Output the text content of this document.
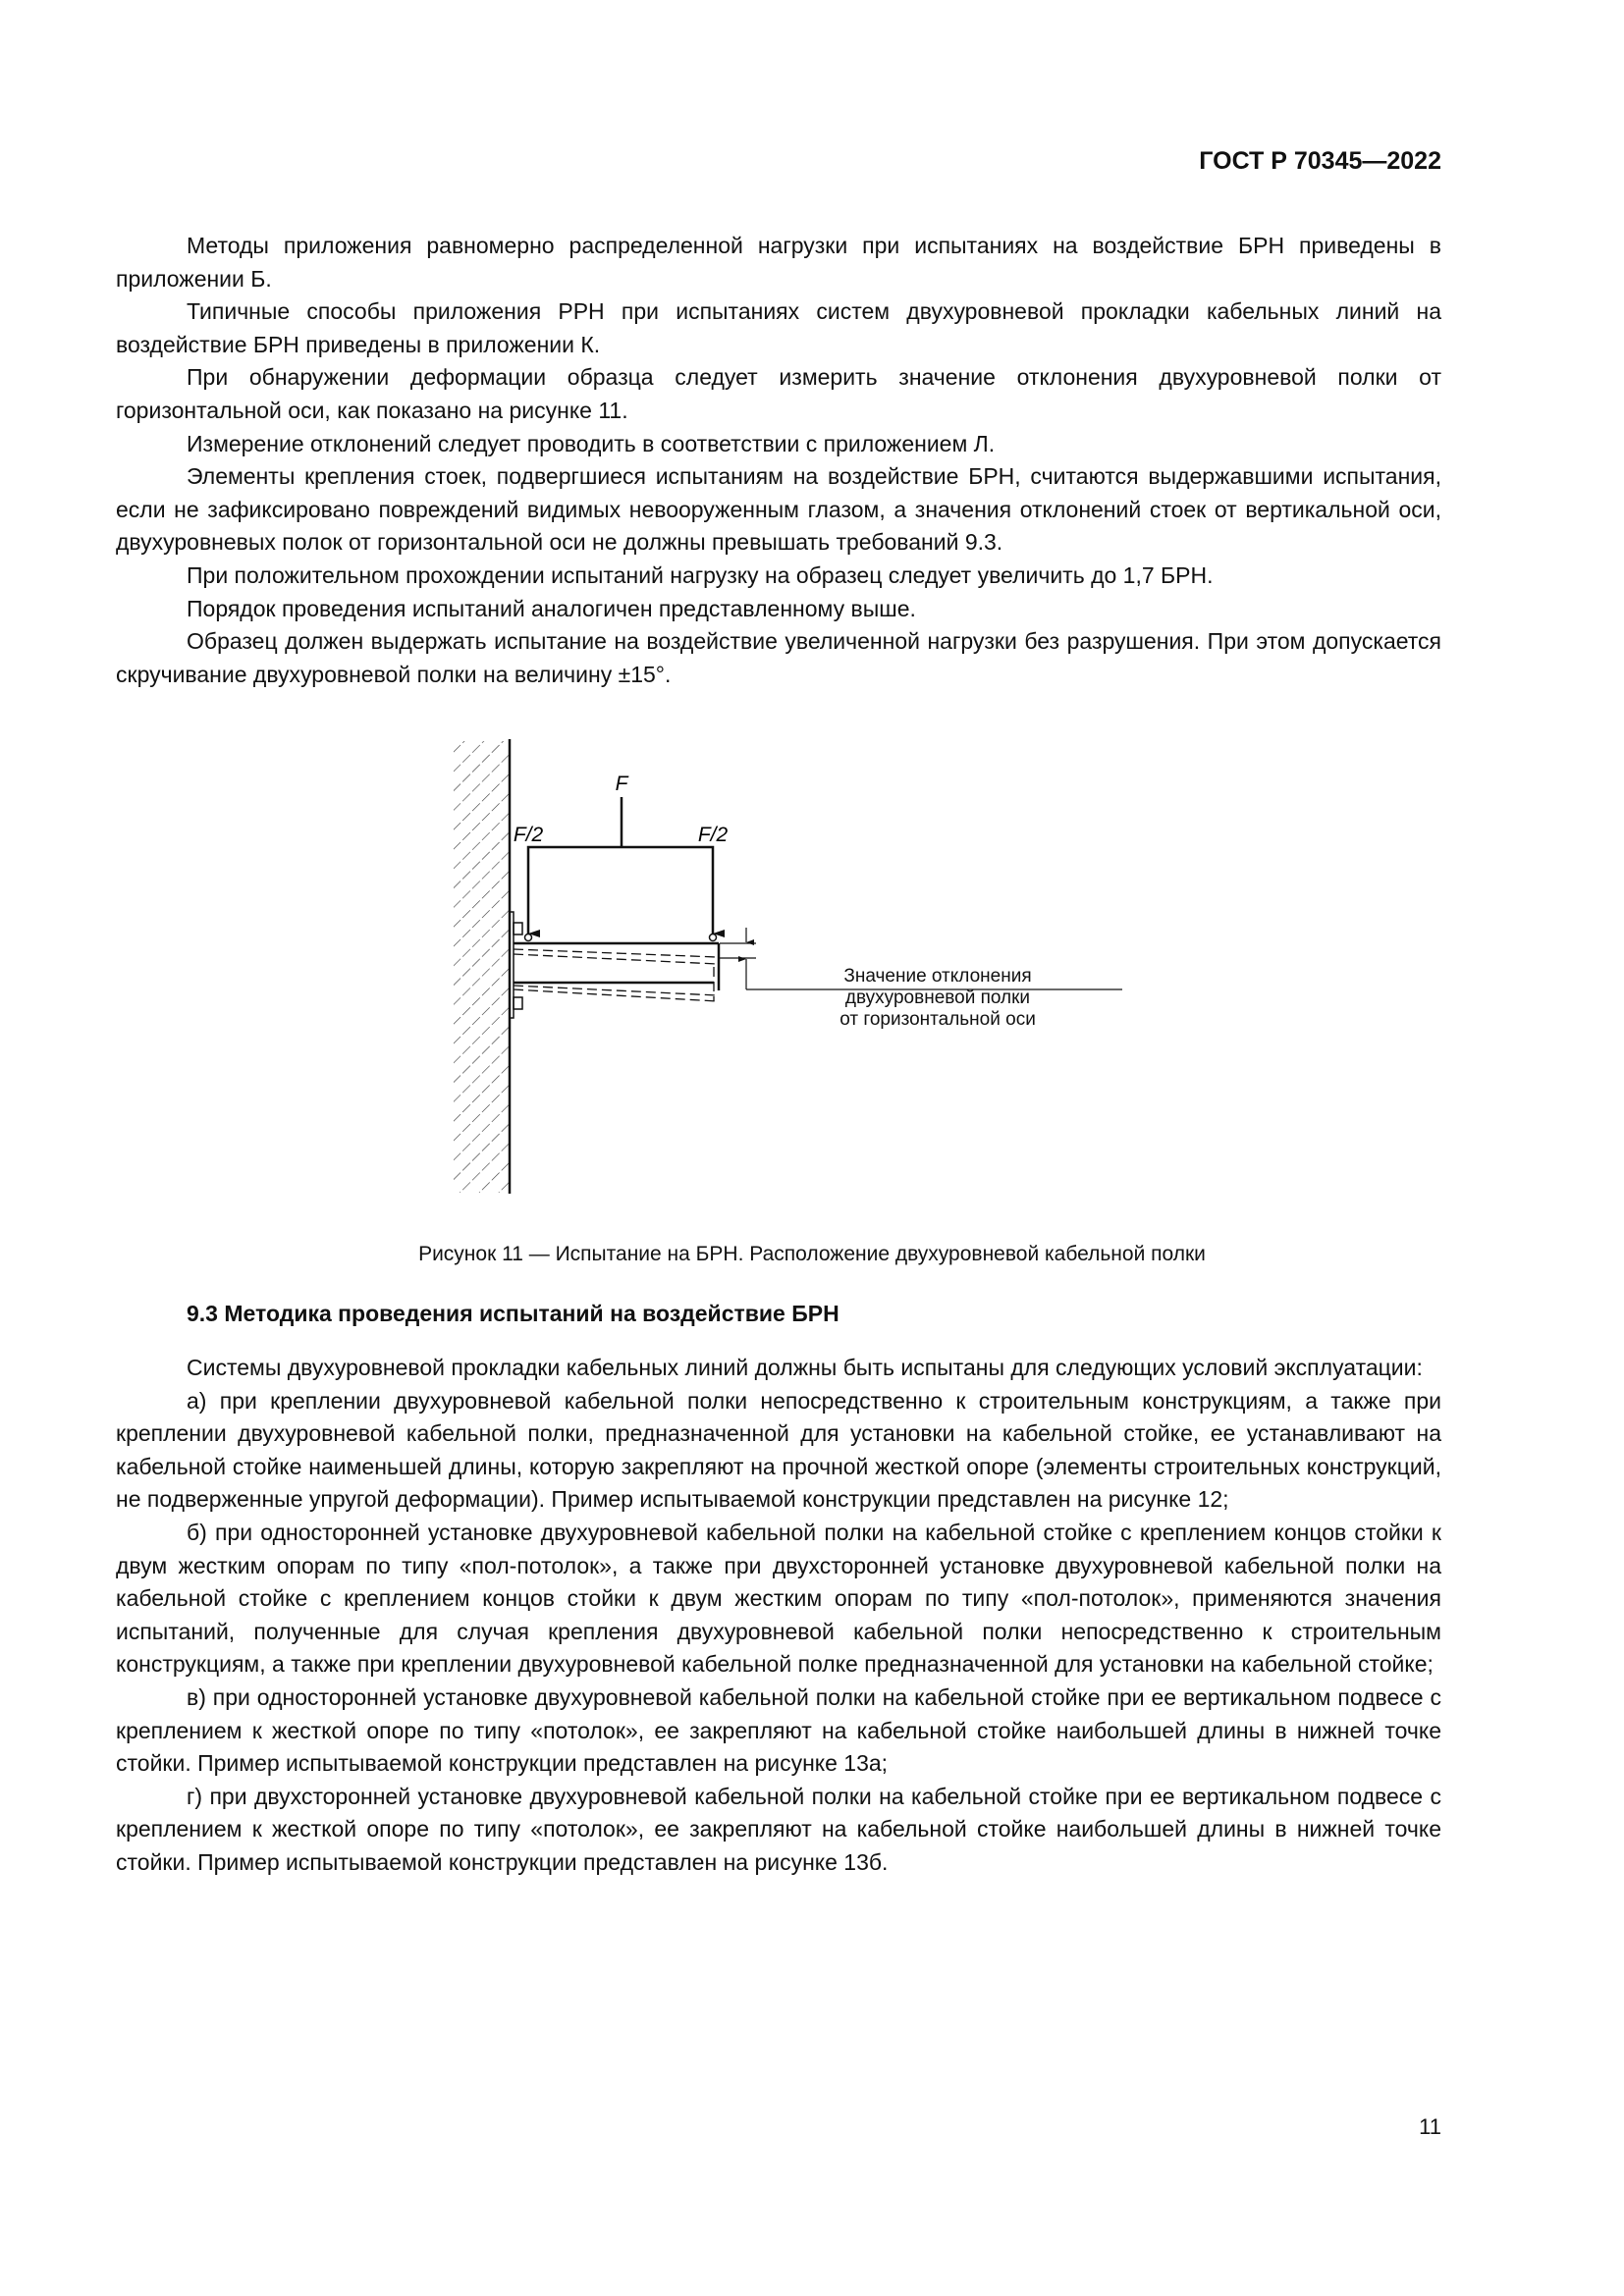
ГОСТ Р 70345—2022

Методы приложения равномерно распределенной нагрузки при испытаниях на воздействие БРН приведены в приложении Б.

Типичные способы приложения РРН при испытаниях систем двухуровневой прокладки кабельных линий на воздействие БРН приведены в приложении К.

При обнаружении деформации образца следует измерить значение отклонения двухуровневой полки от горизонтальной оси, как показано на рисунке 11.

Измерение отклонений следует проводить в соответствии с приложением Л.

Элементы крепления стоек, подвергшиеся испытаниям на воздействие БРН, считаются выдержавшими испытания, если не зафиксировано повреждений видимых невооруженным глазом, а значения отклонений стоек от вертикальной оси, двухуровневых полок от горизонтальной оси не должны превышать требований 9.3.

При положительном прохождении испытаний нагрузку на образец следует увеличить до 1,7 БРН.

Порядок проведения испытаний аналогичен представленному выше.

Образец должен выдержать испытание на воздействие увеличенной нагрузки без разрушения. При этом допускается скручивание двухуровневой полки на величину ±15°.

F
F/2	F/2
Значение отклонения
двухуровневой полки
от горизонтальной оси
Рисунок 11 — Испытание на БРН. Расположение двухуровневой кабельной полки
9.3 Методика проведения испытаний на воздействие БРН

Системы двухуровневой прокладки кабельных линий должны быть испытаны для следующих условий эксплуатации:

а) при креплении двухуровневой кабельной полки непосредственно к строительным конструкциям, а также при креплении двухуровневой кабельной полки, предназначенной для установки на кабельной стойке, ее устанавливают на кабельной стойке наименьшей длины, которую закрепляют на прочной жесткой опоре (элементы строительных конструкций, не подверженные упругой деформации). Пример испытываемой конструкции представлен на рисунке 12;

б) при односторонней установке двухуровневой кабельной полки на кабельной стойке с креплением концов стойки к двум жестким опорам по типу «пол-потолок», а также при двухсторонней установке двухуровневой кабельной полки на кабельной стойке с креплением концов стойки к двум жестким опорам по типу «пол-потолок», применяются значения испытаний, полученные для случая крепления двухуровневой кабельной полки непосредственно к строительным конструкциям, а также при креплении двухуровневой кабельной полке предназначенной для установки на кабельной стойке;

в) при односторонней установке двухуровневой кабельной полки на кабельной стойке при ее вертикальном подвесе с креплением к жесткой опоре по типу «потолок», ее закрепляют на кабельной стойке наибольшей длины в нижней точке стойки. Пример испытываемой конструкции представлен на рисунке 13а;

г) при двухсторонней установке двухуровневой кабельной полки на кабельной стойке при ее вертикальном подвесе с креплением к жесткой опоре по типу «потолок», ее закрепляют на кабельной стойке наибольшей длины в нижней точке стойки. Пример испытываемой конструкции представлен на рисунке 13б.

11
